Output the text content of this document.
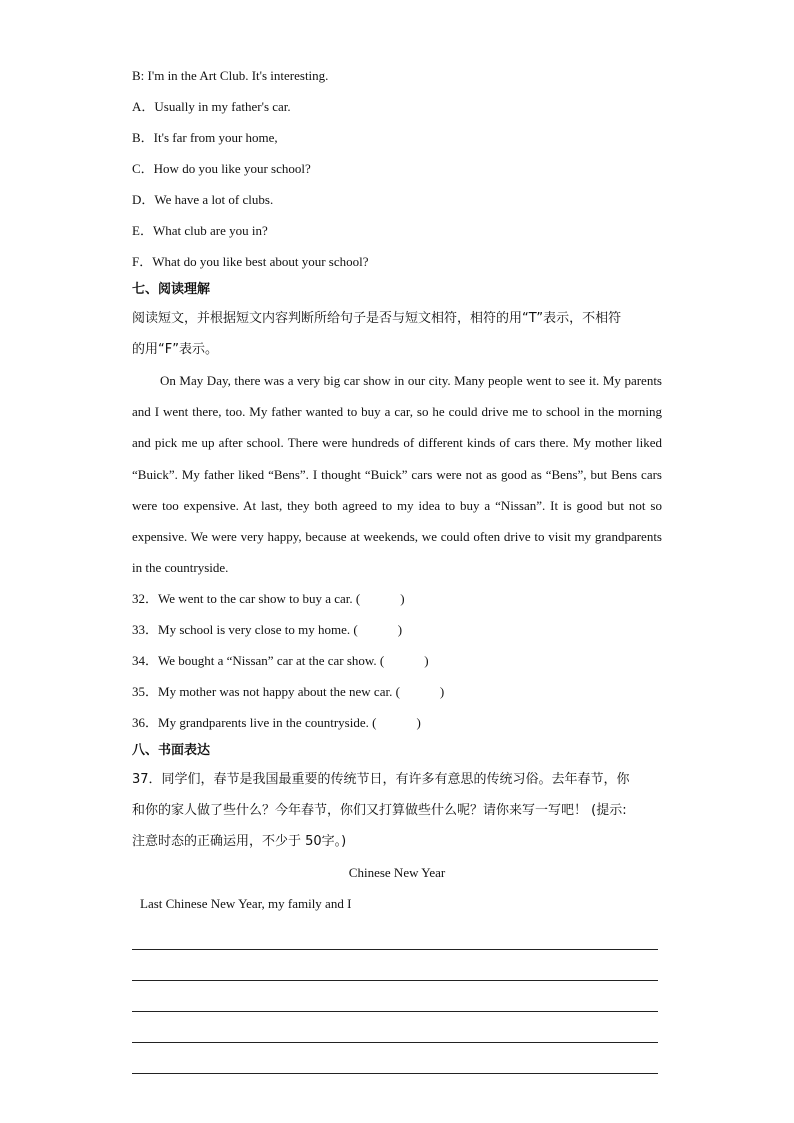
B: I'm in the Art Club. It's interesting.
A．Usually in my father's car.
B．It's far from your home,
C．How do you like your school?
D．We have a lot of clubs.
E．What club are you in?
F．What do you like best about your school?
七、阅读理解
阅读短文，并根据短文内容判断所给句子是否与短文相符，相符的用“T”表示，不相符
的用“F”表示。

On May Day, there was a very big car show in our city. Many people went to see it. My parents and I went there, too. My father wanted to buy a car, so he could drive me to school in the morning and pick me up after school. There were hundreds of different kinds of cars there. My mother liked “Buick”. My father liked “Bens”. I thought “Buick” cars were not as good as “Bens”, but Bens cars were too expensive. At last, they both agreed to my idea to buy a “Nissan”. It is good but not so expensive. We were very happy, because at weekends, we could often drive to visit my grandparents in the countryside.

32．We went to the car show to buy a car. (	)
33．My school is very close to my home. (	)
34．We bought a “Nissan” car at the car show. (	)
35．My mother was not happy about the new car. (	)
36．My grandparents live in the countryside. (	)
八、书面表达
37．同学们，春节是我国最重要的传统节日，有许多有意思的传统习俗。去年春节，你
和你的家人做了些什么？今年春节，你们又打算做些什么呢？请你来写一写吧！ (提示:
注意时态的正确运用，不少于 50字。)
Chinese New Year
Last Chinese New Year, my family and I
